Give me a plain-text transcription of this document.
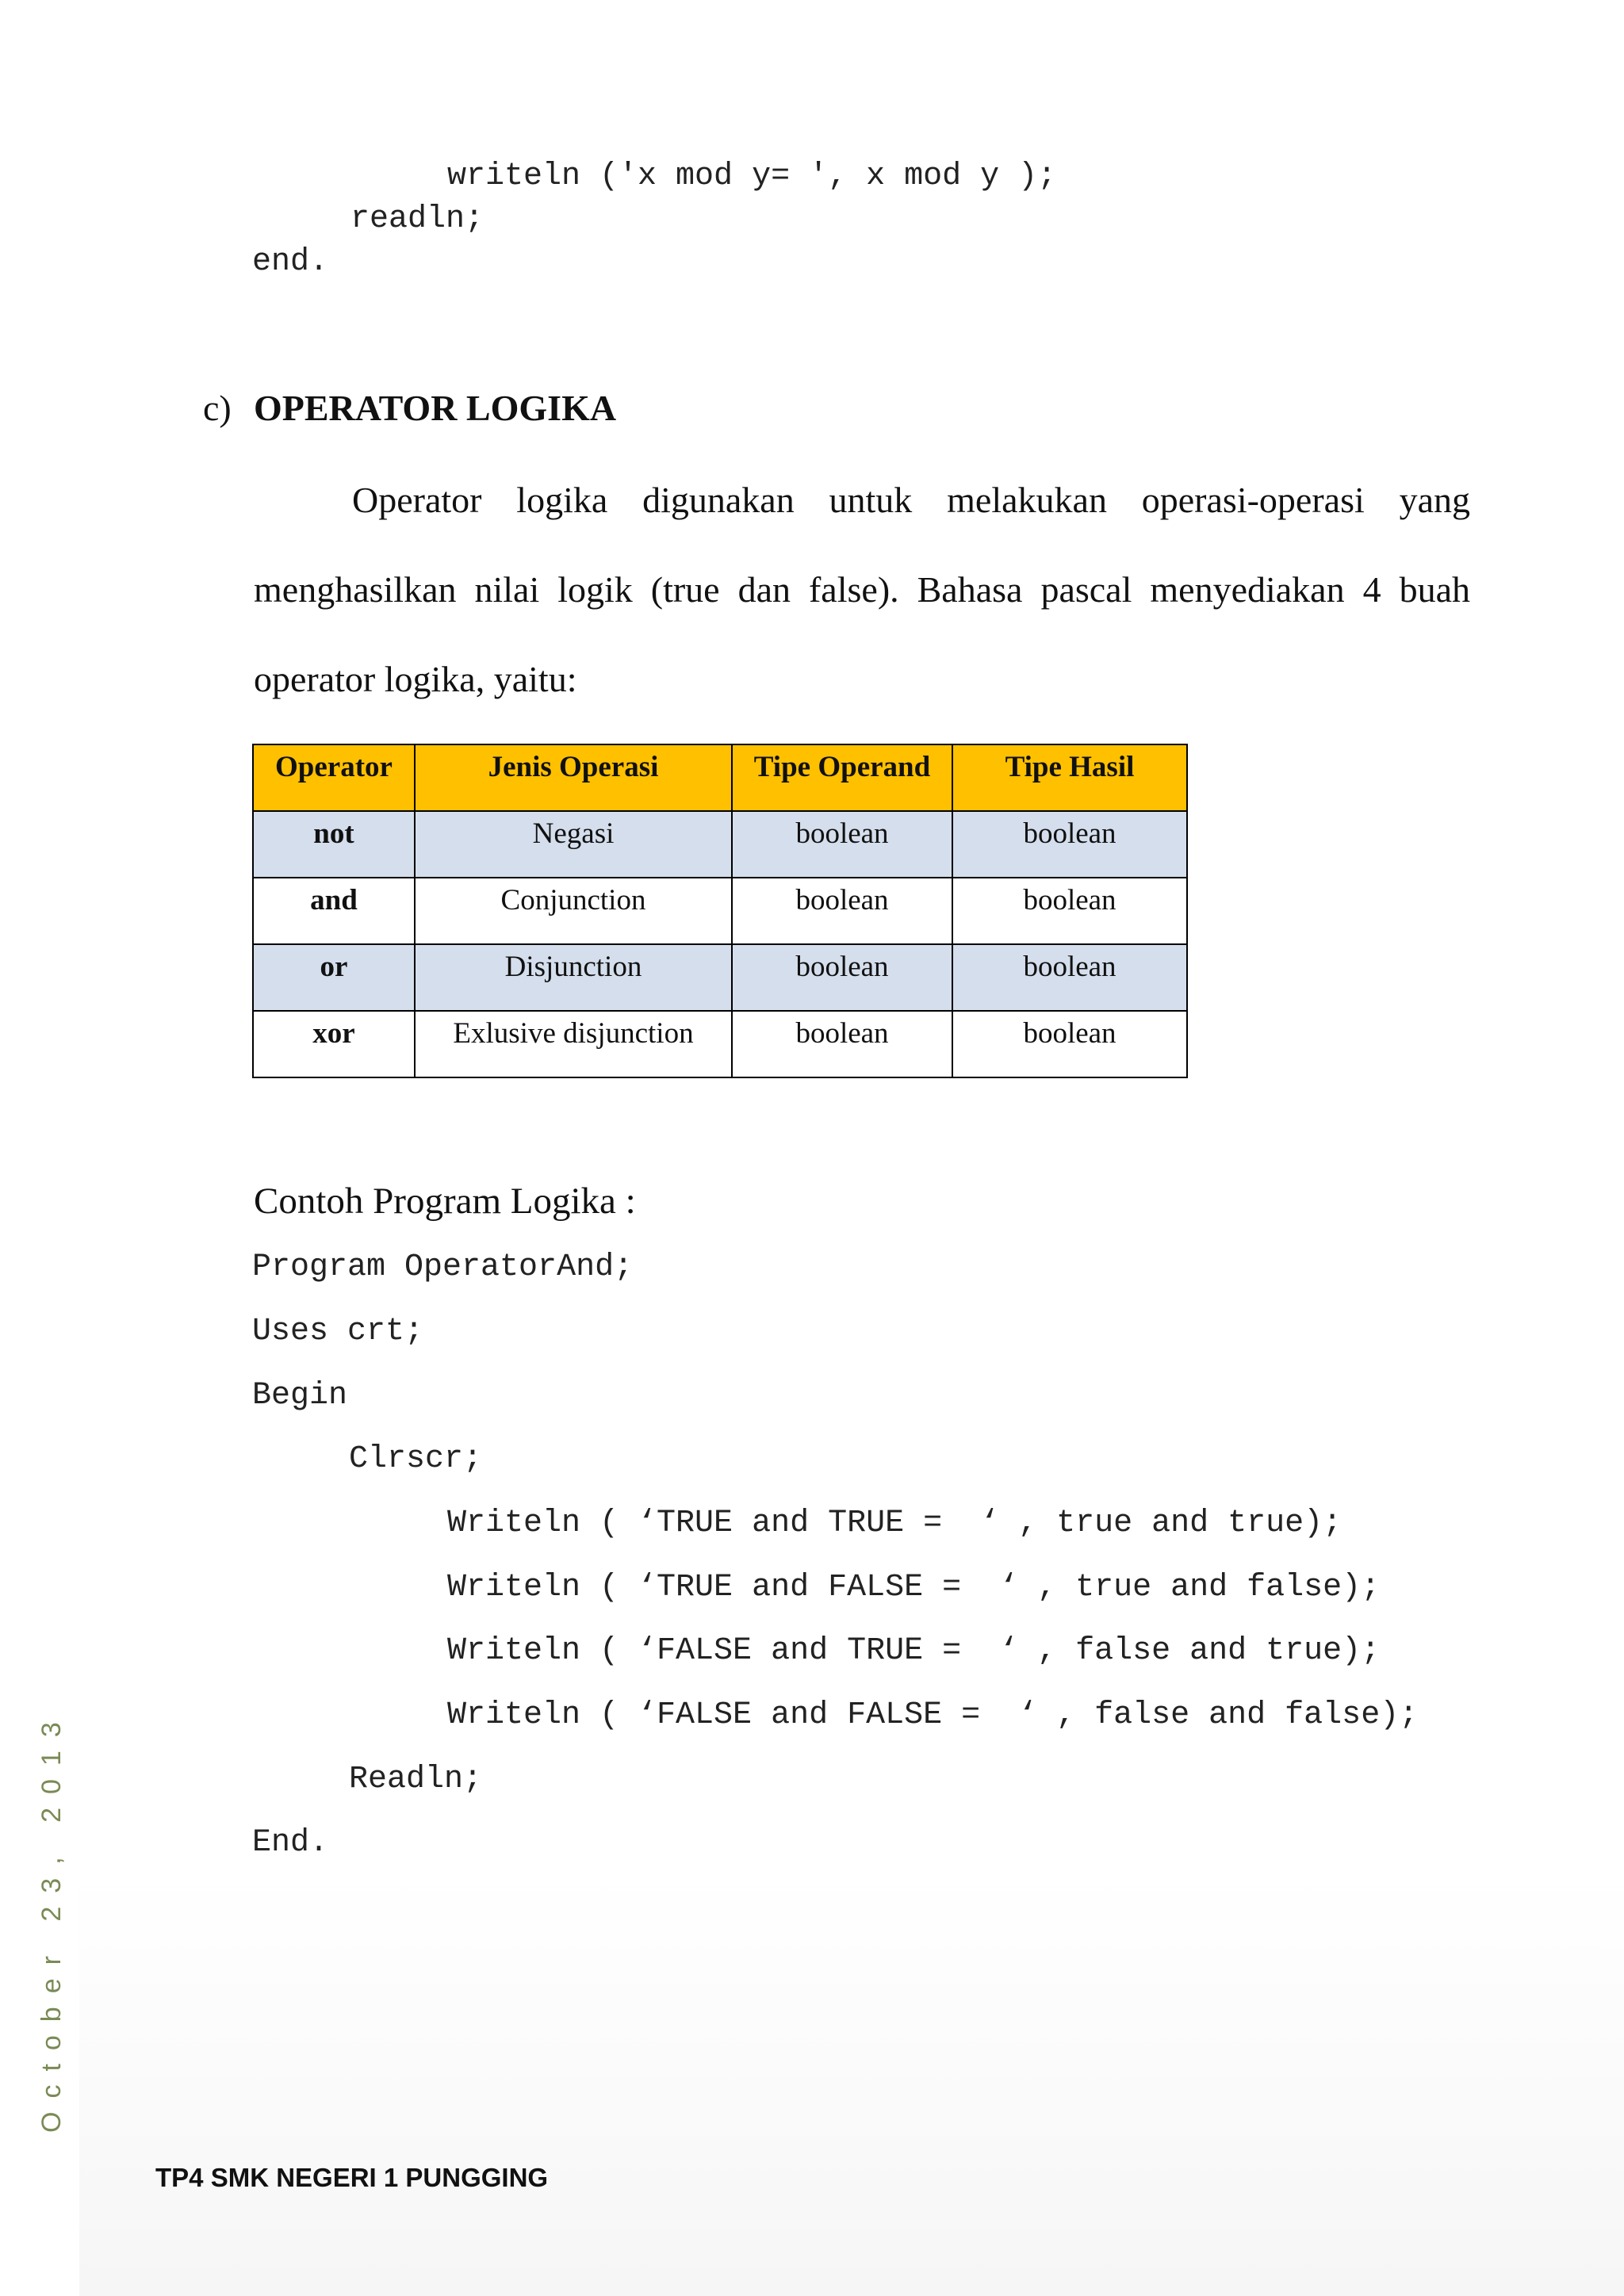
writeln ('x mod y= ', x mod y );
readln;
end.
c) OPERATOR LOGIKA

Operator logika digunakan untuk melakukan operasi-operasi yang menghasilkan nilai logik (true dan false). Bahasa pascal menyediakan 4 buah operator logika, yaitu:

Operator	Jenis Operasi	Tipe Operand	Tipe Hasil
not	Negasi	boolean	boolean
and	Conjunction	boolean	boolean
or	Disjunction	boolean	boolean
xor	Exlusive disjunction	boolean	boolean
Contoh Program Logika :
Program OperatorAnd;
Uses crt;
Begin
Clrscr;
Writeln ( ‘TRUE and TRUE =  ‘ , true and true);
Writeln ( ‘TRUE and FALSE =  ‘ , true and false);
Writeln ( ‘FALSE and TRUE =  ‘ , false and true);
Writeln ( ‘FALSE and FALSE =  ‘ , false and false);
Readln;
End.
October 23, 2013
TP4 SMK NEGERI 1 PUNGGING
